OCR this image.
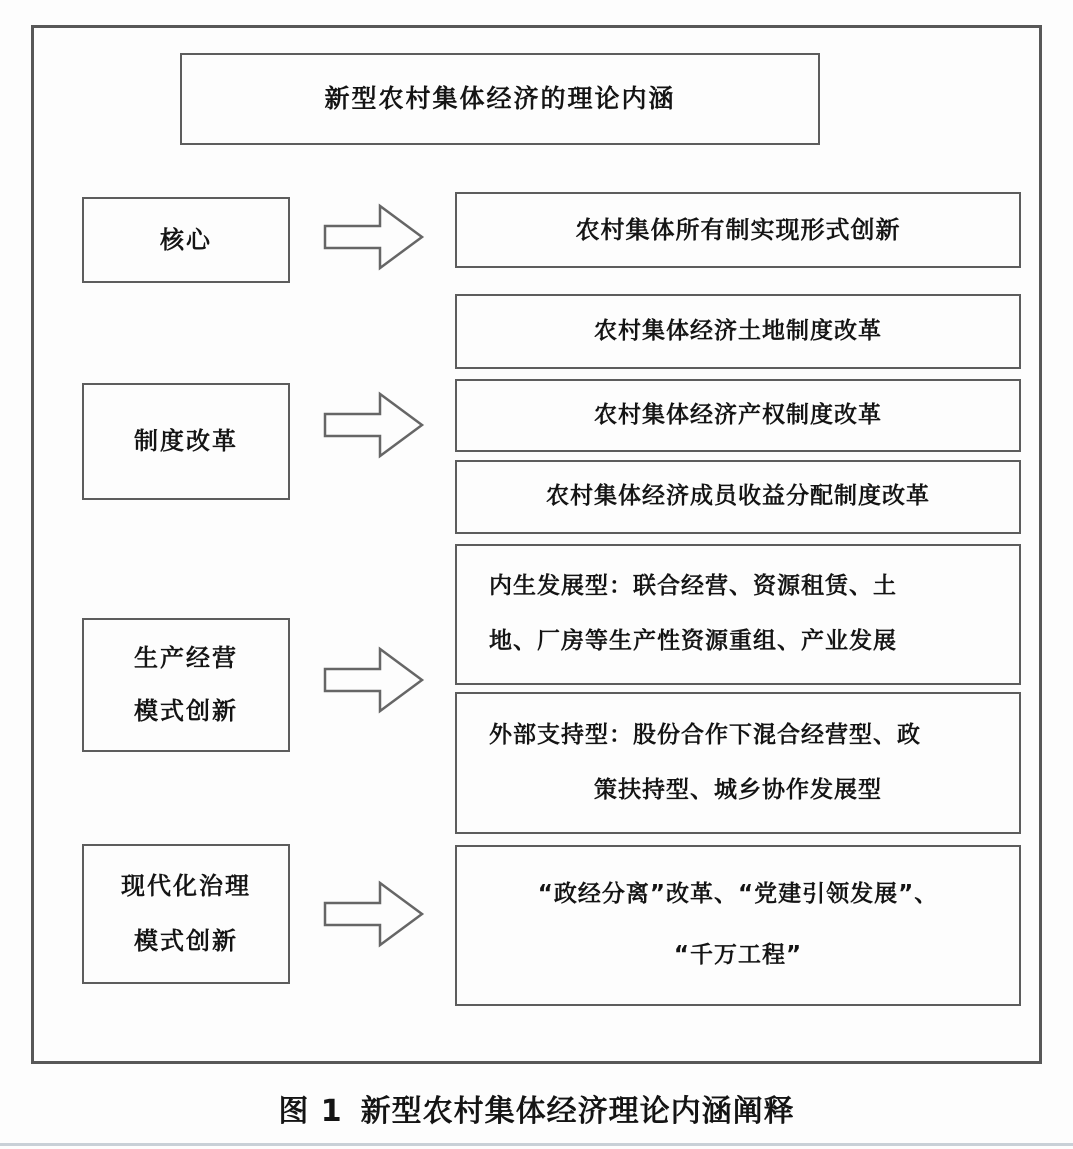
新型农村集体经济的理论内涵
核心	农村集体所有制实现形式创新
制度改革
农村集体经济土地制度改革
农村集体经济产权制度改革
农村集体经济成员收益分配制度改革
生产经营
模式创新
内生发展型：联合经营、资源租赁、土
地、厂房等生产性资源重组、产业发展
外部支持型：股份合作下混合经营型、政
策扶持型、城乡协作发展型
现代化治理
模式创新
“政经分离”改革、“党建引领发展”、
“千万工程”
图 1 新型农村集体经济理论内涵阐释
